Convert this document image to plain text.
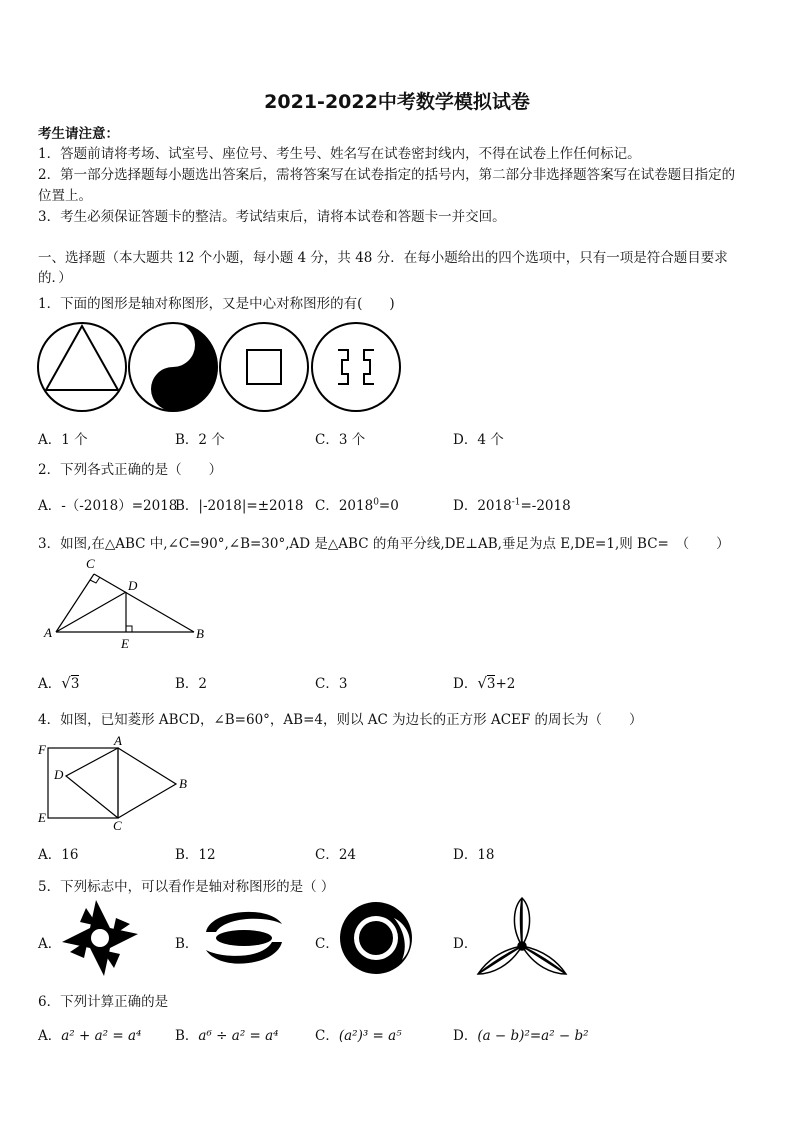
2021-2022中考数学模拟试卷
考生请注意：
1．答题前请将考场、试室号、座位号、考生号、姓名写在试卷密封线内，不得在试卷上作任何标记。
2．第一部分选择题每小题选出答案后，需将答案写在试卷指定的括号内，第二部分非选择题答案写在试卷题目指定的
位置上。
3．考生必须保证答题卡的整洁。考试结束后，请将本试卷和答题卡一并交回。
一、选择题（本大题共 12 个小题，每小题 4 分，共 48 分．在每小题给出的四个选项中，只有一项是符合题目要求
的．）
1．下面的图形是轴对称图形，又是中心对称图形的有(　　)
A．1 个	B．2 个	C．3 个	D．4 个
2．下列各式正确的是（　　）
A．-（-2018）=2018
B．|-2018|=±2018 C．$2018^0=0$	D．$2018^{-1}=-2018$
3．如图,在△ABC 中,∠C=90°,∠B=30°,AD 是△ABC 的角平分线,DE⊥AB,垂足为点 E,DE=1,则 BC=　（　　）
A
C
D
B
E
A．√3	B．2	C．3	D．√3+2
4．如图，已知菱形 ABCD，∠B=60°，AB=4，则以 AC 为边长的正方形 ACEF 的周长为（　　）
F
A
D
B
E
C
A．16	B．12	C．24	D．18
5．下列标志中，可以看作是轴对称图形的是（ ）
A．	B．	C．	D．
6．下列计算正确的是
A．a² + a² = a⁴ B．a⁶ ÷ a² = a⁴	C．(a²)³ = a⁵	D．(a − b)²=a² − b²
